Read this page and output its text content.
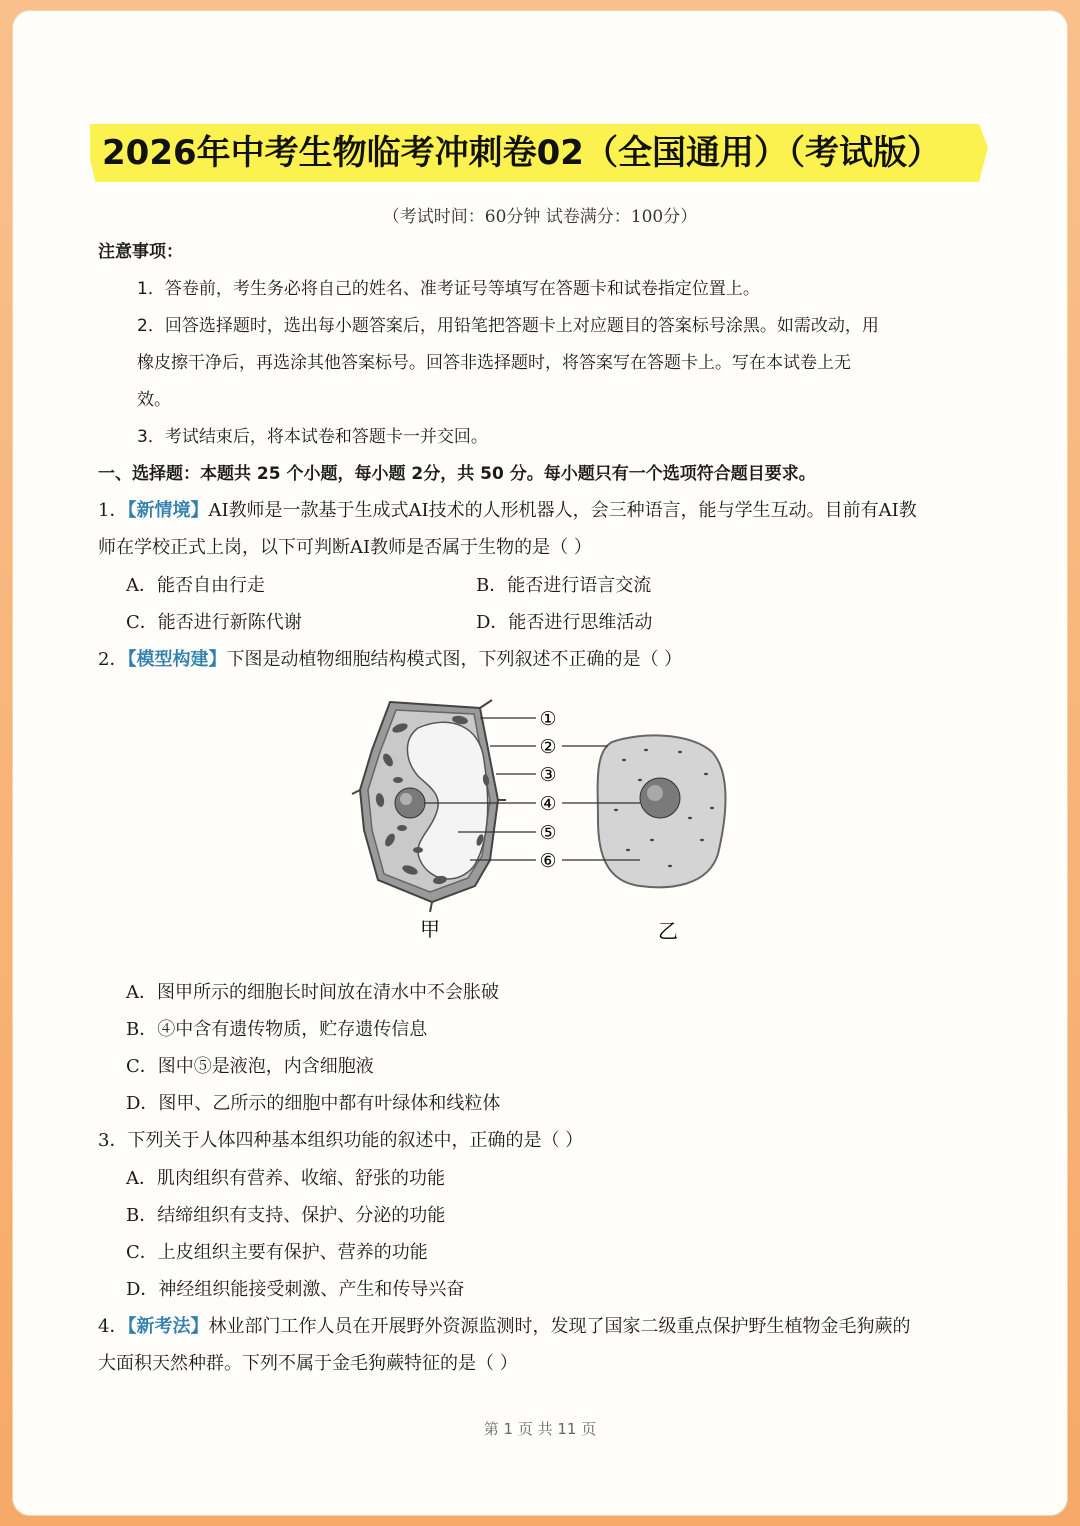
2026年中考生物临考冲刺卷02（全国通用）（考试版）
（考试时间：60分钟 试卷满分：100分）
注意事项：
1．答卷前，考生务必将自己的姓名、准考证号等填写在答题卡和试卷指定位置上。
2．回答选择题时，选出每小题答案后，用铅笔把答题卡上对应题目的答案标号涂黑。如需改动，用
橡皮擦干净后，再选涂其他答案标号。回答非选择题时，将答案写在答题卡上。写在本试卷上无
效。
3．考试结束后，将本试卷和答题卡一并交回。
一、选择题：本题共 25 个小题，每小题 2分，共 50 分。每小题只有一个选项符合题目要求。
1．【新情境】AI教师是一款基于生成式AI技术的人形机器人，会三种语言，能与学生互动。目前有AI教
师在学校正式上岗，以下可判断AI教师是否属于生物的是（ ）
A．能否自由行走	B．能否进行语言交流
C．能否进行新陈代谢	D．能否进行思维活动
2．【模型构建】下图是动植物细胞结构模式图，下列叙述不正确的是（ ）
①
②
③
④
⑤
⑥
甲	乙
A．图甲所示的细胞长时间放在清水中不会胀破
B．④中含有遗传物质，贮存遗传信息
C．图中⑤是液泡，内含细胞液
D．图甲、乙所示的细胞中都有叶绿体和线粒体
3．下列关于人体四种基本组织功能的叙述中，正确的是（ ）
A．肌肉组织有营养、收缩、舒张的功能
B．结缔组织有支持、保护、分泌的功能
C．上皮组织主要有保护、营养的功能
D．神经组织能接受刺激、产生和传导兴奋
4．【新考法】林业部门工作人员在开展野外资源监测时，发现了国家二级重点保护野生植物金毛狗蕨的
大面积天然种群。下列不属于金毛狗蕨特征的是（ ）
第 1 页 共 11 页
